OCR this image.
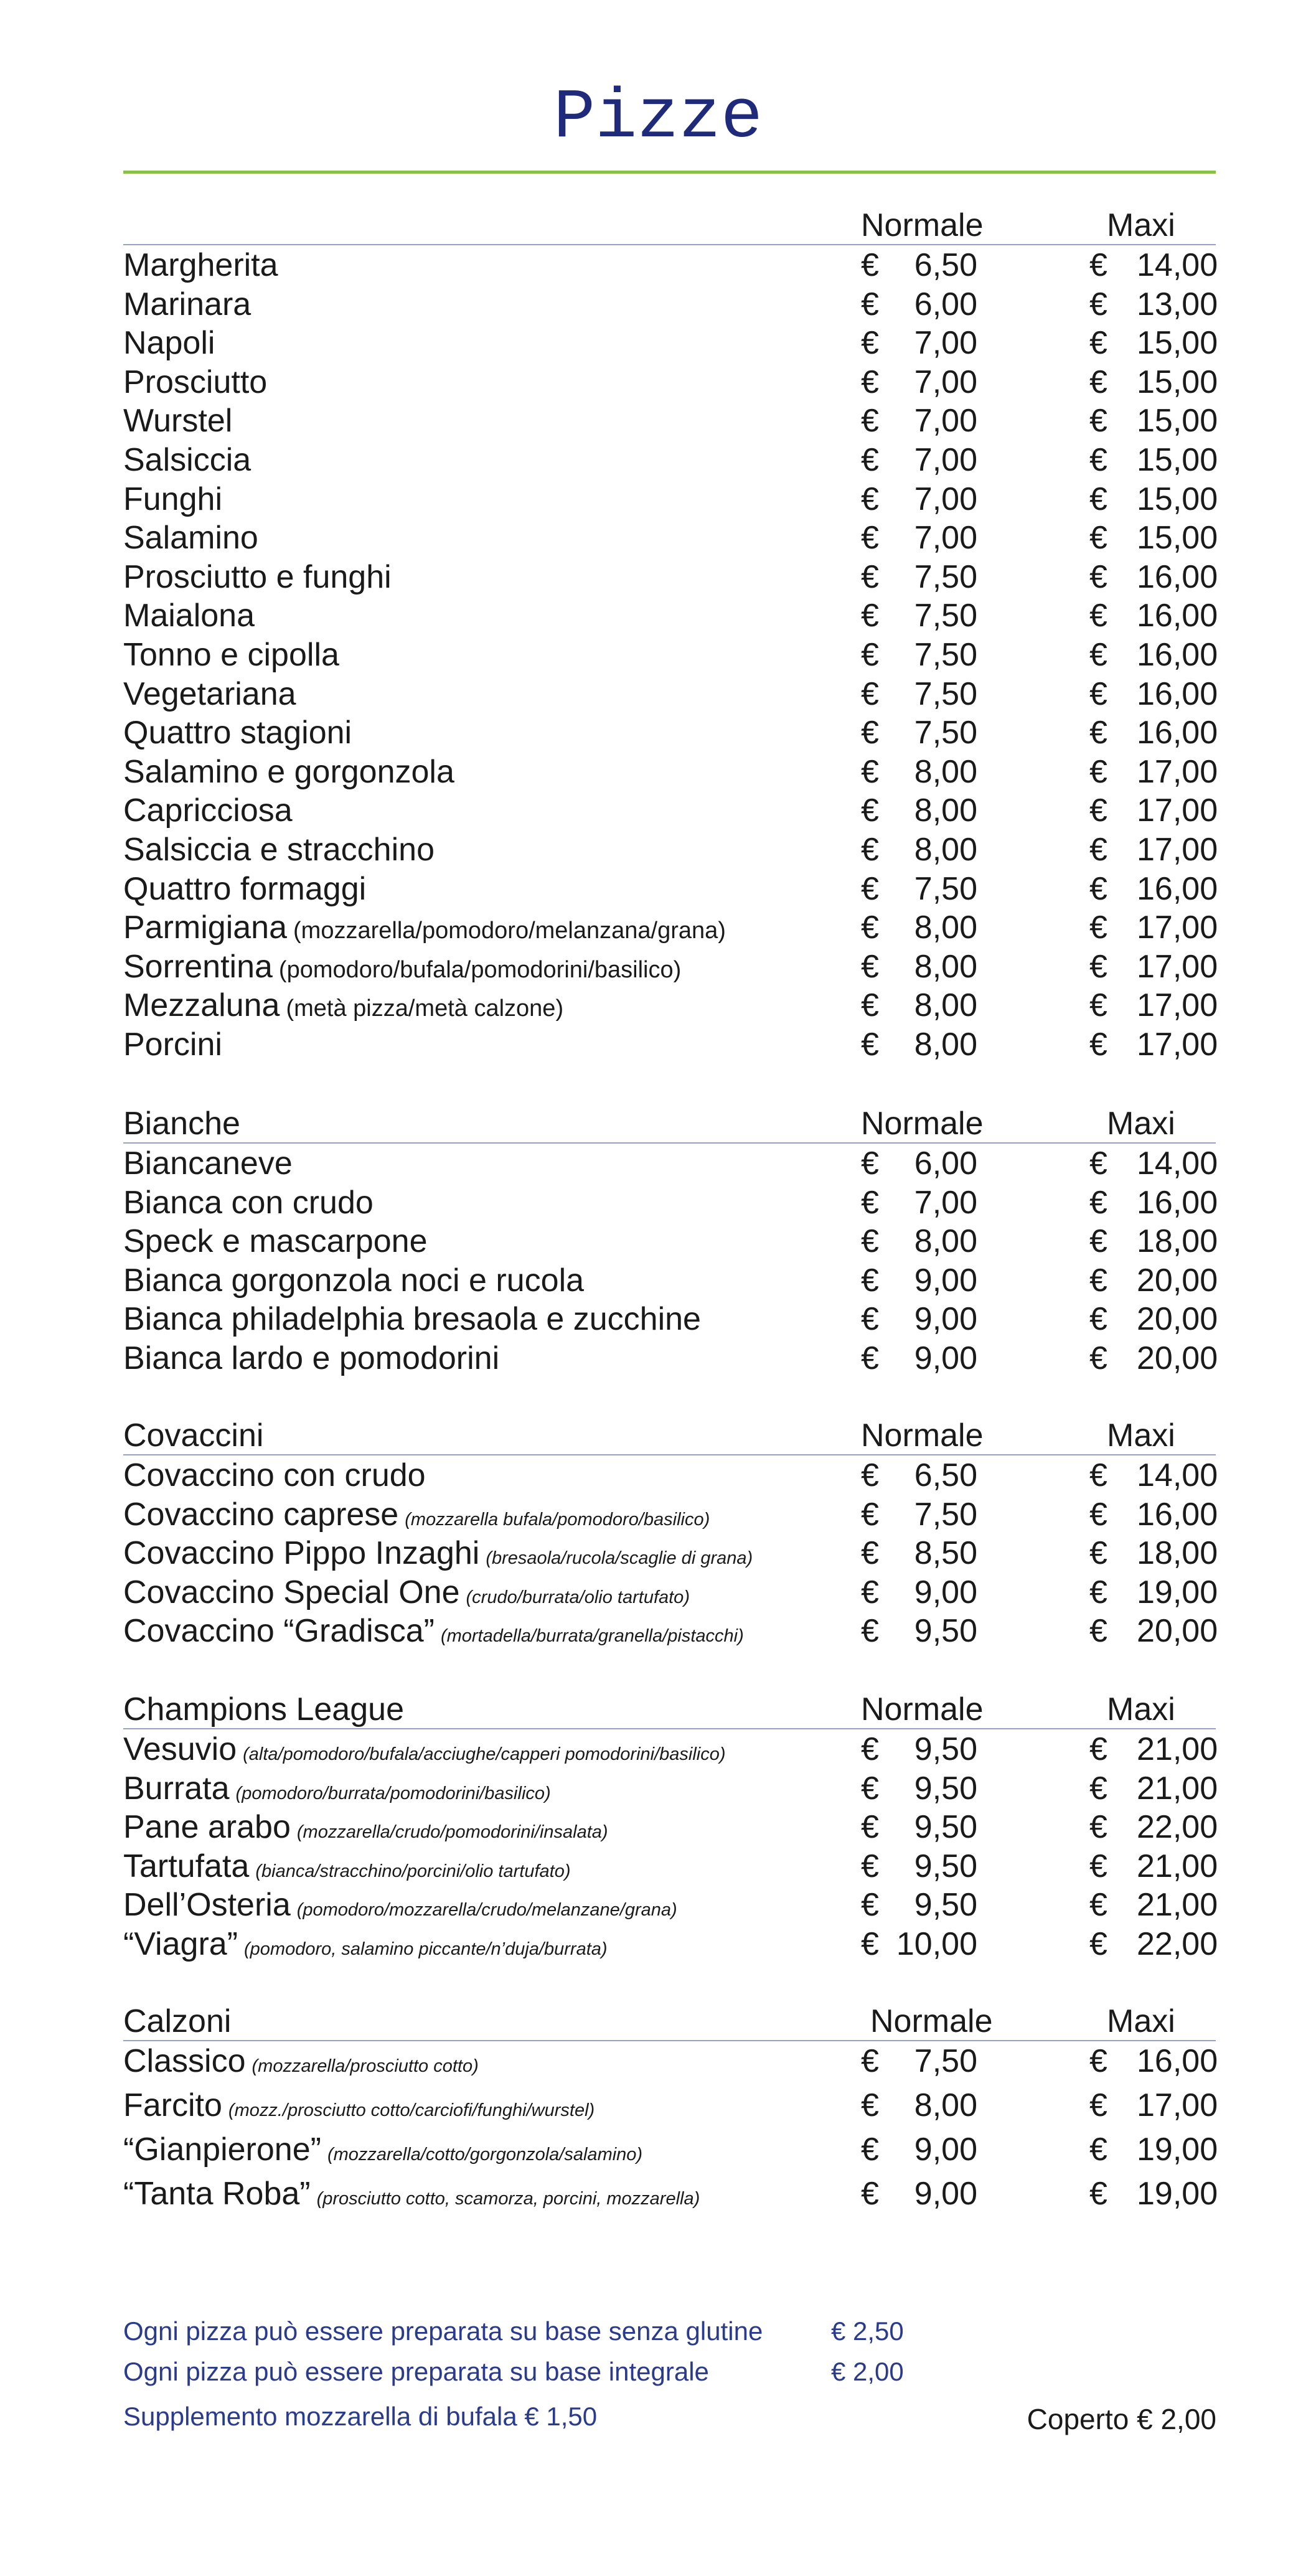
Pizze
Normale	Maxi
Margherita	€	6,50	€ 14,00
Marinara	€	6,00	€ 13,00
Napoli	€	7,00	€ 15,00
Prosciutto	€	7,00	€ 15,00
Wurstel	€	7,00	€ 15,00
Salsiccia	€	7,00	€ 15,00
Funghi	€	7,00	€ 15,00
Salamino	€	7,00	€ 15,00
Prosciutto e funghi	€	7,50	€ 16,00
Maialona	€	7,50	€ 16,00
Tonno e cipolla	€	7,50	€ 16,00
Vegetariana	€	7,50	€ 16,00
Quattro stagioni	€	7,50	€ 16,00
Salamino e gorgonzola	€	8,00	€ 17,00
Capricciosa	€	8,00	€ 17,00
Salsiccia e stracchino	€	8,00	€ 17,00
Quattro formaggi	€	7,50	€ 16,00
Parmigiana (mozzarella/pomodoro/melanzana/grana)	€	8,00	€ 17,00
Sorrentina (pomodoro/bufala/pomodorini/basilico)	€	8,00	€ 17,00
Mezzaluna (metà pizza/metà calzone)	€	8,00	€ 17,00
Porcini	€	8,00	€ 17,00
Bianche	Normale	Maxi
Biancaneve	€	6,00	€ 14,00
Bianca con crudo	€	7,00	€ 16,00
Speck e mascarpone	€	8,00	€ 18,00
Bianca gorgonzola noci e rucola	€	9,00	€ 20,00
Bianca philadelphia bresaola e zucchine	€	9,00	€ 20,00
Bianca lardo e pomodorini	€	9,00	€ 20,00
Covaccini	Normale	Maxi
Covaccino con crudo	€	6,50	€ 14,00
Covaccino caprese (mozzarella bufala/pomodoro/basilico)	€	7,50	€ 16,00
Covaccino Pippo Inzaghi (bresaola/rucola/scaglie di grana)	€	8,50	€ 18,00
Covaccino Special One (crudo/burrata/olio tartufato)	€	9,00	€ 19,00
Covaccino “Gradisca” (mortadella/burrata/granella/pistacchi)	€	9,50	€ 20,00
Champions League	Normale	Maxi
Vesuvio (alta/pomodoro/bufala/acciughe/capperi pomodorini/basilico)	€	9,50	€ 21,00
Burrata (pomodoro/burrata/pomodorini/basilico)	€	9,50	€ 21,00
Pane arabo (mozzarella/crudo/pomodorini/insalata)	€	9,50	€ 22,00
Tartufata (bianca/stracchino/porcini/olio tartufato)	€	9,50	€ 21,00
Dell’Osteria (pomodoro/mozzarella/crudo/melanzane/grana)	€	9,50	€ 21,00
“Viagra” (pomodoro, salamino piccante/n’duja/burrata)	€ 10,00	€ 22,00
Calzoni	Normale	Maxi
Classico (mozzarella/prosciutto cotto)	€	7,50	€ 16,00
Farcito (mozz./prosciutto cotto/carciofi/funghi/wurstel)	€	8,00	€ 17,00
“Gianpierone” (mozzarella/cotto/gorgonzola/salamino)	€	9,00	€ 19,00
“Tanta Roba” (prosciutto cotto, scamorza, porcini, mozzarella)	€	9,00	€ 19,00
Ogni pizza può essere preparata su base senza glutine	€ 2,50
Ogni pizza può essere preparata su base integrale	€ 2,00
Supplemento mozzarella di bufala € 1,50	Coperto € 2,00
